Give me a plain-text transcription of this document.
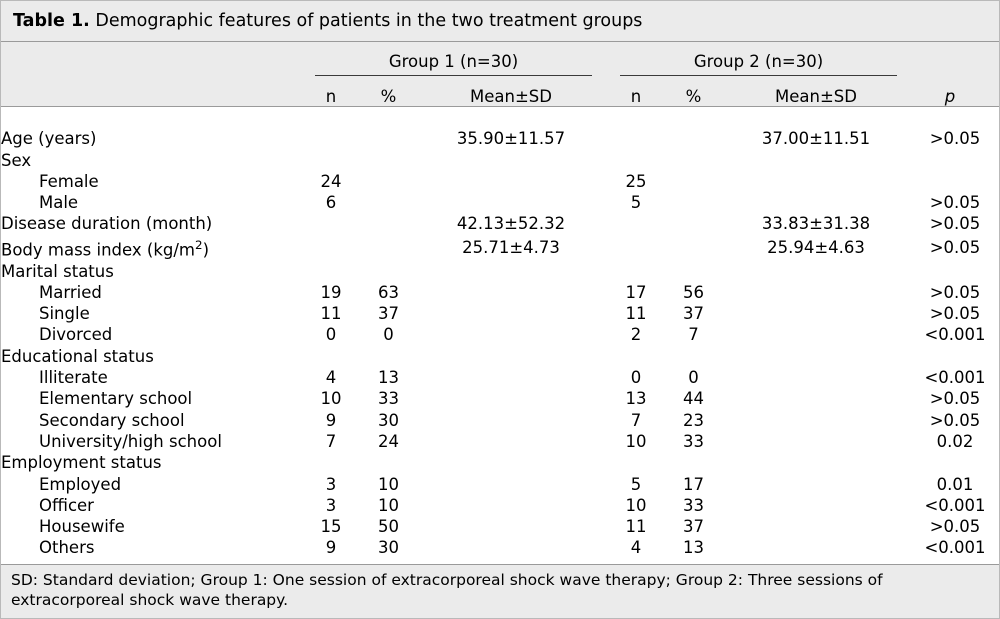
Table 1. Demographic features of patients in the two treatment groups

	Group 1 (n=30)			Group 2 (n=30)			

	n	%	Mean±SD	n	%	Mean±SD	p

Age (years)			35.90±11.57			37.00±11.51	>0.05
Sex							
Female	24			25			
Male	6			5			>0.05
Disease duration (month)			42.13±52.32			33.83±31.38	>0.05
Body mass index $(kg/m^2)$			25.71±4.73			25.94±4.63	>0.05
Marital status							
Married	19	63		17	56		>0.05
Single	11	37		11	37		>0.05
Divorced	0	0		2	7		<0.001
Educational status							
Illiterate	4	13		0	0		<0.001
Elementary school	10	33		13	44		>0.05
Secondary school	9	30		7	23		>0.05
University/high school	7	24		10	33		0.02
Employment status							
Employed	3	10		5	17		0.01
Officer	3	10		10	33		<0.001
Housewife	15	50		11	37		>0.05
Others	9	30		4	13		<0.001
SD: Standard deviation; Group 1: One session of extracorporeal shock wave therapy; Group 2: Three sessions of extracorporeal shock wave therapy.
